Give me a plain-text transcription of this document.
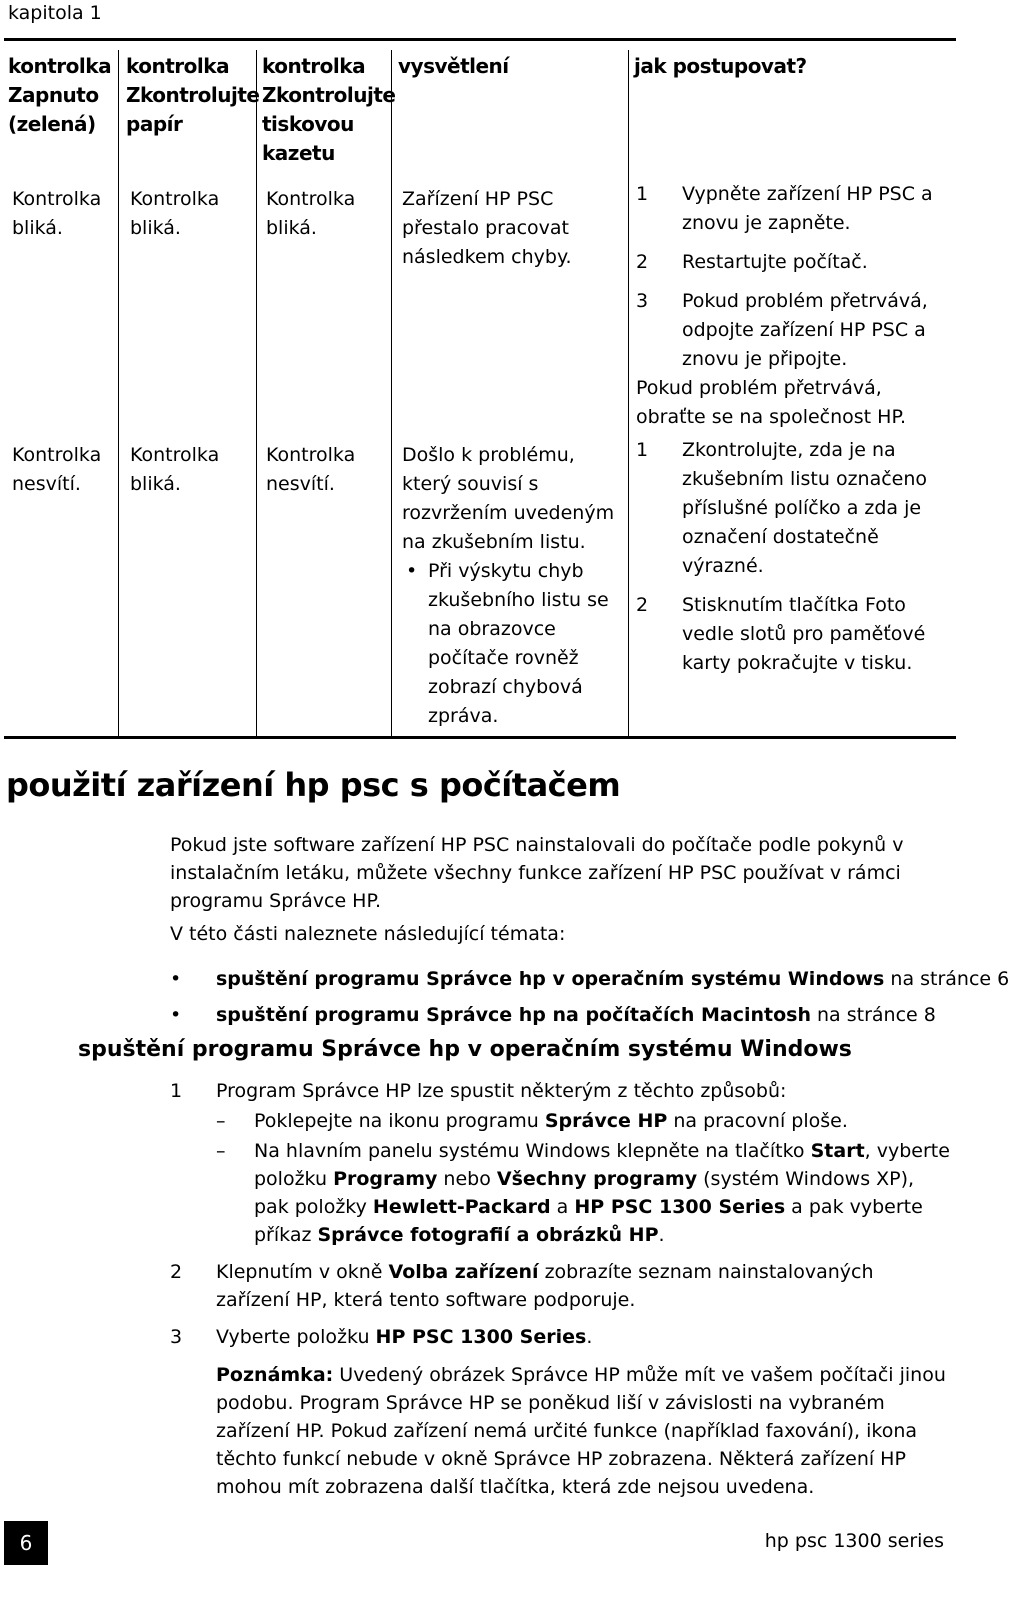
kapitola 1
kontrolka Zapnuto (zelená)
kontrolka Zkontrolujte papír
kontrolka Zkontrolujte tiskovou kazetu
vysvětlení	jak postupovat?
Kontrolka bliká.
Kontrolka bliká.
Kontrolka bliká.
Zařízení HP PSC přestalo pracovat následkem chyby.
1 Vypněte zařízení HP PSC a znovu je zapněte.
2 Restartujte počítač.
3 Pokud problém přetrvává, odpojte zařízení HP PSC a znovu je připojte.

Pokud problém přetrvává, obraťte se na společnost HP.

Kontrolka nesvítí.
Kontrolka bliká.
Kontrolka nesvítí.

Došlo k problému, který souvisí s rozvržením uvedeným na zkušebním listu.

• Při výskytu chyb zkušebního listu se na obrazovce počítače rovněž zobrazí chybová zpráva.
1 Zkontrolujte, zda je na zkušebním listu označeno příslušné políčko a zda je označení dostatečně výrazné.
2 Stisknutím tlačítka Foto vedle slotů pro paměťové karty pokračujte v tisku.
použití zařízení hp psc s počítačem

Pokud jste software zařízení HP PSC nainstalovali do počítače podle pokynů v instalačním letáku, můžete všechny funkce zařízení HP PSC používat v rámci programu Správce HP.

V této části naleznete následující témata:
• spuštění programu Správce hp v operačním systému Windows na stránce 6
• spuštění programu Správce hp na počítačích Macintosh na stránce 8
spuštění programu Správce hp v operačním systému Windows
1 Program Správce HP lze spustit některým z těchto způsobů:
– Poklepejte na ikonu programu Správce HP na pracovní ploše.
– Na hlavním panelu systému Windows klepněte na tlačítko Start, vyberte položku Programy nebo Všechny programy (systém Windows XP), pak položky Hewlett-Packard a HP PSC 1300 Series a pak vyberte příkaz Správce fotografií a obrázků HP.
2 Klepnutím v okně Volba zařízení zobrazíte seznam nainstalovaných zařízení HP, která tento software podporuje.
3 Vyberte položku HP PSC 1300 Series.
Poznámka: Uvedený obrázek Správce HP může mít ve vašem počítači jinou podobu. Program Správce HP se poněkud liší v závislosti na vybraném zařízení HP. Pokud zařízení nemá určité funkce (například faxování), ikona těchto funkcí nebude v okně Správce HP zobrazena. Některá zařízení HP mohou mít zobrazena další tlačítka, která zde nejsou uvedena.
6	hp psc 1300 series
